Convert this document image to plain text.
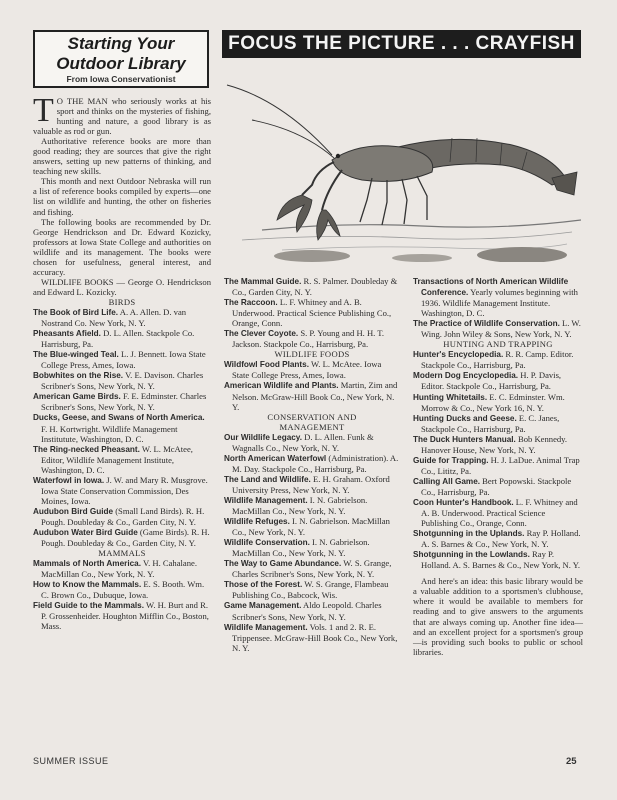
Starting Your Outdoor Library
From Iowa Conservationist
FOCUS THE PICTURE . . . CRAYFISH

T O THE MAN who seriously works at his sport and thinks on the mysteries of fishing, hunting and nature, a good library is as valuable as rod or gun.

Authoritative reference books are more than good reading; they are sources that give the right answers, setting up new patterns of thinking, and teaching new skills.

This month and next Outdoor Nebraska will run a list of reference books compiled by experts—one list on wildlife and hunting, the other on fisheries and fishing.

The following books are recommended by Dr. George Hendrickson and Dr. Edward Kozicky, professors at Iowa State College and authorities on wildlife and its management. The books were chosen for usefulness, general interest, and accuracy.

WILDLIFE BOOKS — George O. Hendrickson and Edward L. Kozicky.

BIRDS

The Book of Bird Life. A. A. Allen. D. van Nostrand Co. New York, N. Y.

Pheasants Afield. D. L. Allen. Stackpole Co. Harrisburg, Pa.

The Blue-winged Teal. L. J. Bennett. Iowa State College Press, Ames, Iowa.

Bobwhites on the Rise. V. E. Davison. Charles Scribner's Sons, New York, N. Y.

American Game Birds. F. E. Edminster. Charles Scribner's Sons, New York, N. Y.

Ducks, Geese, and Swans of North America. F. H. Kortwright. Wildlife Management Institutute, Washington, D. C.

The Ring-necked Pheasant. W. L. McAtee, Editor, Wildlife Management Institute, Washington, D. C.

Waterfowl in Iowa. J. W. and Mary R. Musgrove. Iowa State Conservation Commission, Des Moines, Iowa.

Audubon Bird Guide (Small Land Birds). R. H. Pough. Doubleday & Co., Garden City, N. Y.

Audubon Water Bird Guide (Game Birds). R. H. Pough. Doubleday & Co., Garden City, N. Y.

MAMMALS

Mammals of North America. V. H. Cahalane. MacMillan Co., New York, N. Y.

How to Know the Mammals. E. S. Booth. Wm. C. Brown Co., Dubuque, Iowa.

Field Guide to the Mammals. W. H. Burt and R. P. Grossenheider. Houghton Mifflin Co., Boston, Mass.

The Mammal Guide. R. S. Palmer. Doubleday & Co., Garden City, N. Y.

The Raccoon. L. F. Whitney and A. B. Underwood. Practical Science Publishing Co., Orange, Conn.

The Clever Coyote. S. P. Young and H. H. T. Jackson. Stackpole Co., Harrisburg, Pa.

WILDLIFE FOODS

Wildfowl Food Plants. W. L. McAtee. Iowa State College Press, Ames, Iowa.

American Wildlife and Plants. Martin, Zim and Nelson. McGraw-Hill Book Co., New York, N. Y.

CONSERVATION AND
MANAGEMENT

Our Wildlife Legacy. D. L. Allen. Funk & Wagnalls Co., New York, N. Y.

North American Waterfowl (Administration). A. M. Day. Stackpole Co., Harrisburg, Pa.

The Land and Wildlife. E. H. Graham. Oxford University Press, New York, N. Y.

Wildlife Management. I. N. Gabrielson. MacMillan Co., New York, N. Y.

Wildlife Refuges. I. N. Gabrielson. MacMillan Co., New York, N. Y.

Wildlife Conservation. I. N. Gabrielson. MacMillan Co., New York, N. Y.

The Way to Game Abundance. W. S. Grange, Charles Scribner's Sons, New York, N. Y.

Those of the Forest. W. S. Grange, Flambeau Publishing Co., Babcock, Wis.

Game Management. Aldo Leopold. Charles Scribner's Sons, New York, N. Y.

Wildlife Management. Vols. 1 and 2. R. E. Trippensee. McGraw-Hill Book Co., New York, N. Y.

Transactions of North American Wildlife Conference. Yearly volumes beginning with 1936. Wildlife Management Institute. Washington, D. C.

The Practice of Wildlife Conservation. L. W. Wing. John Wiley & Sons, New York, N. Y.

HUNTING AND TRAPPING

Hunter's Encyclopedia. R. R. Camp. Editor. Stackpole Co., Harrisburg, Pa.

Modern Dog Encyclopedia. H. P. Davis, Editor. Stackpole Co., Harrisburg, Pa.

Hunting Whitetails. E. C. Edminster. Wm. Morrow & Co., New York 16, N. Y.

Hunting Ducks and Geese. E. C. Janes, Stackpole Co., Harrisburg, Pa.

The Duck Hunters Manual. Bob Kennedy. Hanover House, New York, N. Y.

Guide for Trapping. H. J. LaDue. Animal Trap Co., Lititz, Pa.

Calling All Game. Bert Popowski. Stackpole Co., Harrisburg, Pa.

Coon Hunter's Handbook. L. F. Whitney and A. B. Underwood. Practical Science Publishing Co., Orange, Conn.

Shotgunning in the Uplands. Ray P. Holland. A. S. Barnes & Co., New York, N. Y.

Shotgunning in the Lowlands. Ray P. Holland. A. S. Barnes & Co., New York, N. Y.

And here's an idea: this basic library would be a valuable addition to a sportsmen's clubhouse, where it would be available to members for reading and to give answers to the arguments that are always coming up. Another fine idea—and an excellent project for a sportsmen's group—is providing such books to public or school libraries.

SUMMER ISSUE	25
